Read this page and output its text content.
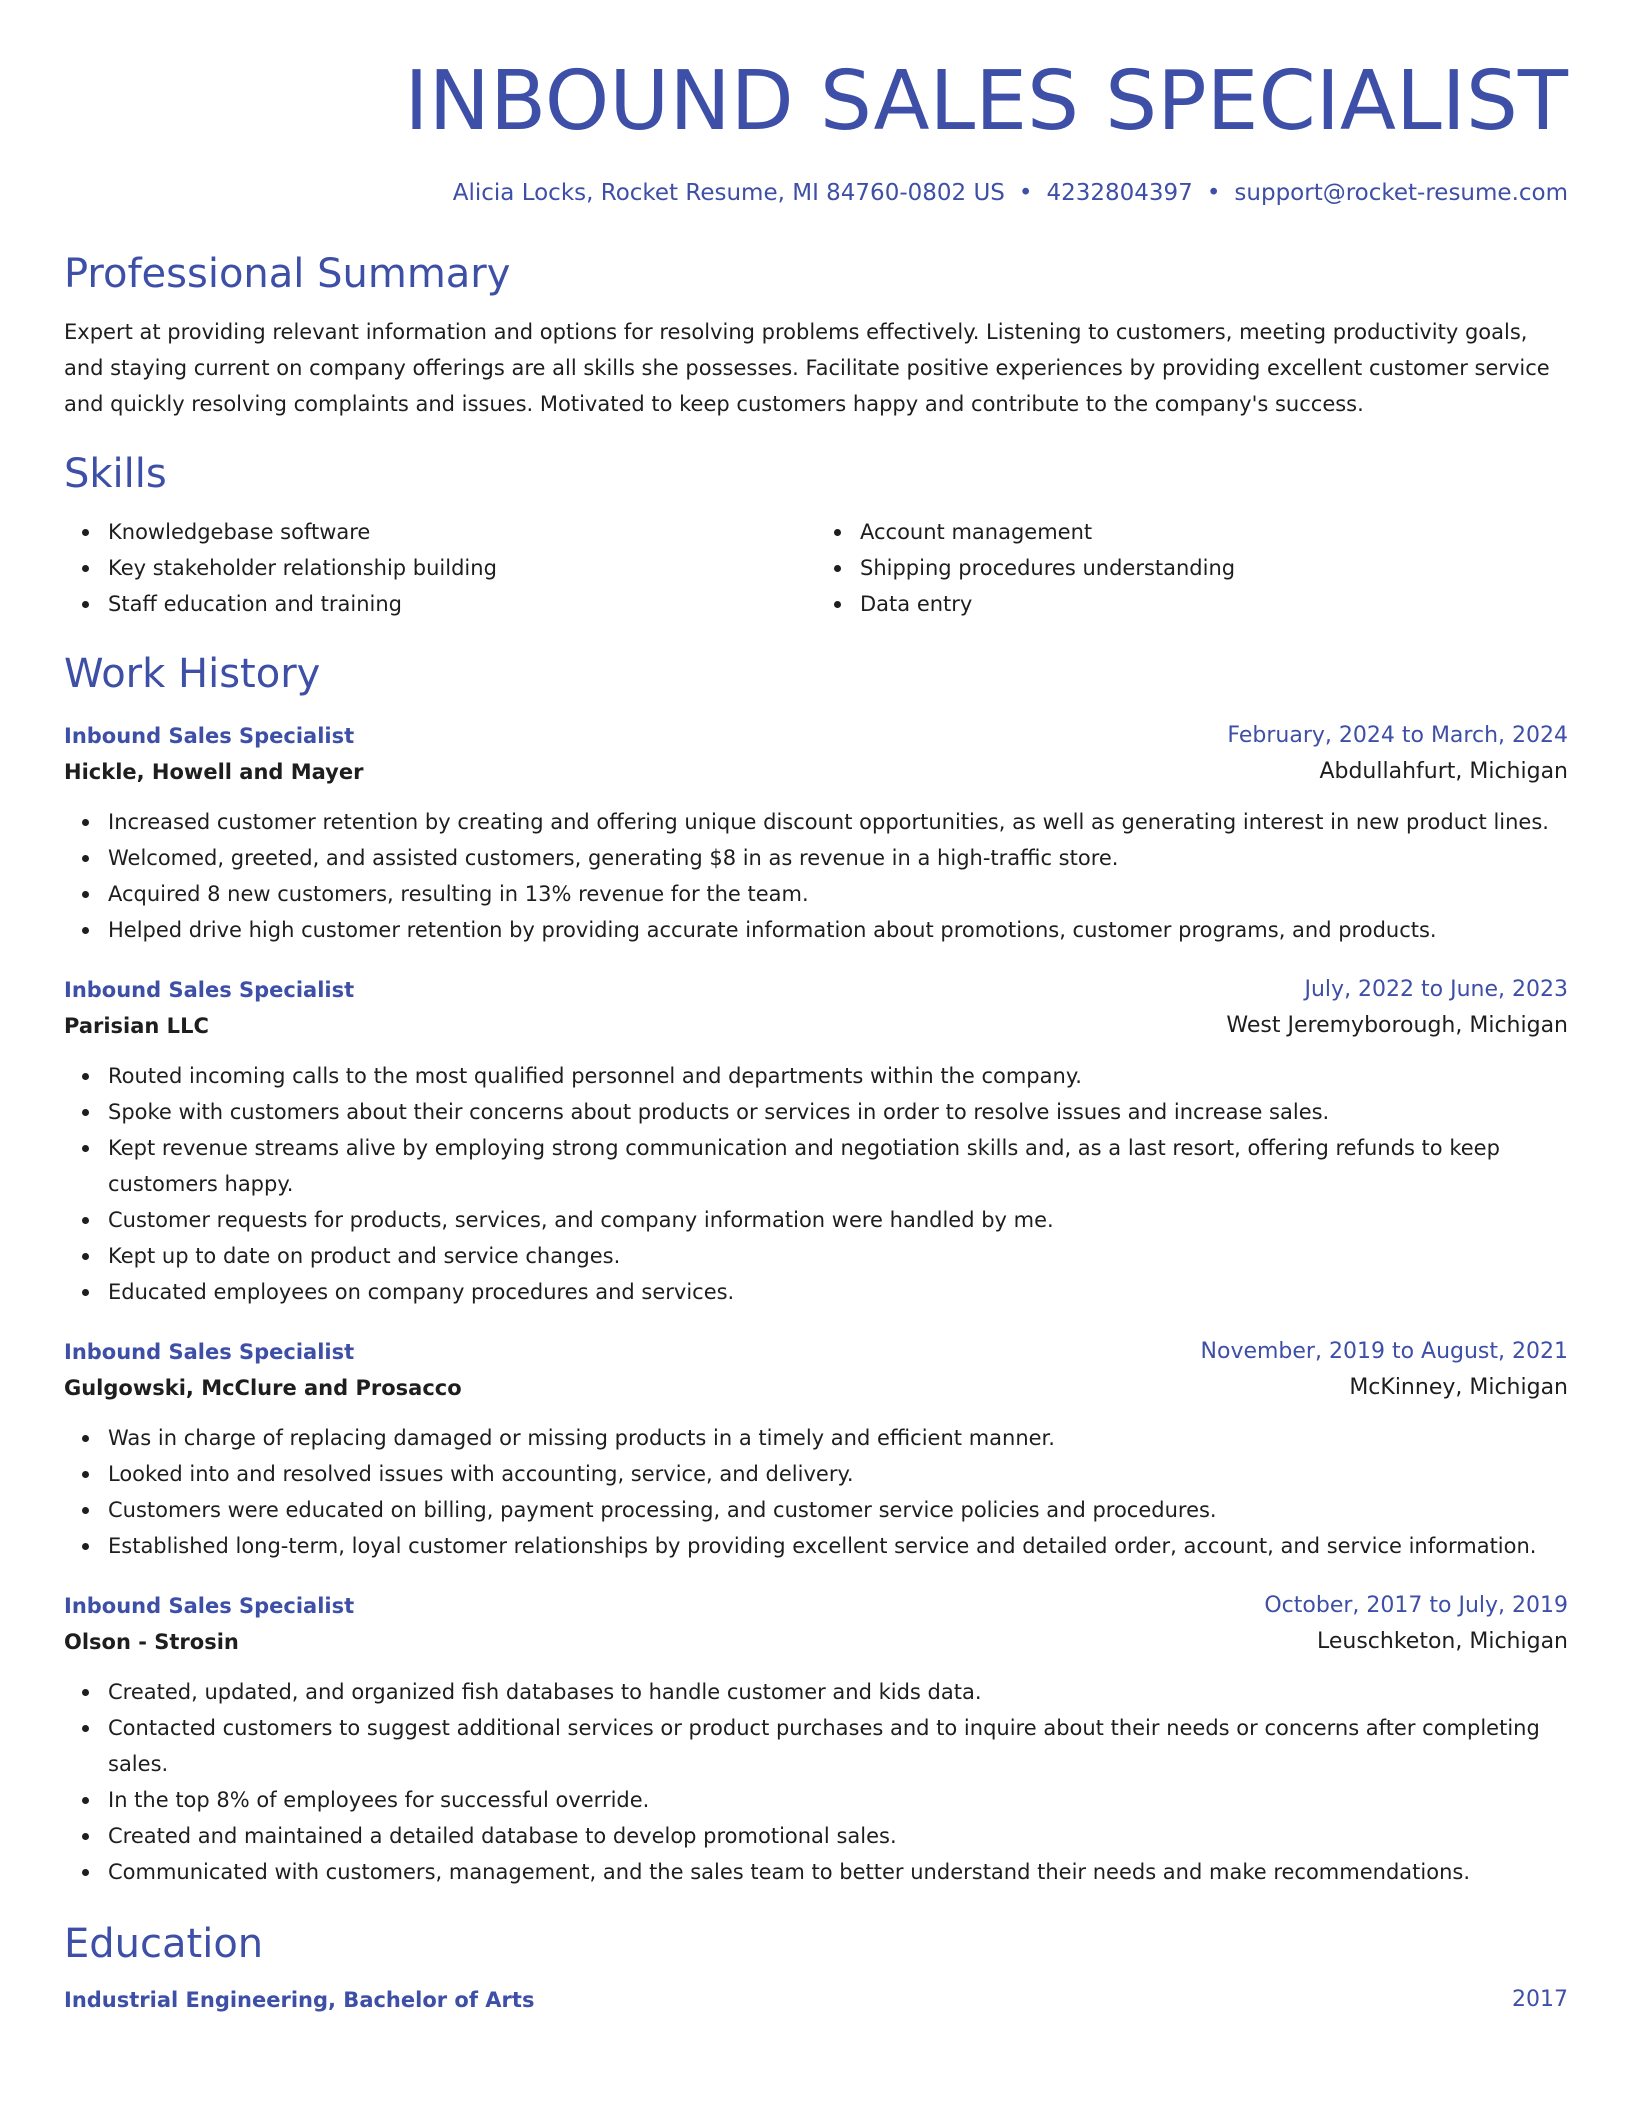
INBOUND SALES SPECIALIST
Alicia Locks, Rocket Resume, MI 84760-0802 US • 4232804397 • support@rocket-resume.com
Professional Summary
Expert at providing relevant information and options for resolving problems effectively. Listening to customers, meeting productivity goals, and staying current on company offerings are all skills she possesses. Facilitate positive experiences by providing excellent customer service and quickly resolving complaints and issues. Motivated to keep customers happy and contribute to the company's success.
Skills
Knowledgebase software
Key stakeholder relationship building
Staff education and training
Account management
Shipping procedures understanding
Data entry
Work History
Inbound Sales Specialist	February, 2024 to March, 2024
Hickle, Howell and Mayer	Abdullahfurt, Michigan
Increased customer retention by creating and offering unique discount opportunities, as well as generating interest in new product lines.
Welcomed, greeted, and assisted customers, generating $8 in as revenue in a high-traffic store.
Acquired 8 new customers, resulting in 13% revenue for the team.
Helped drive high customer retention by providing accurate information about promotions, customer programs, and products.
Inbound Sales Specialist	July, 2022 to June, 2023
Parisian LLC	West Jeremyborough, Michigan
Routed incoming calls to the most qualified personnel and departments within the company.
Spoke with customers about their concerns about products or services in order to resolve issues and increase sales.
Kept revenue streams alive by employing strong communication and negotiation skills and, as a last resort, offering refunds to keep customers happy.
Customer requests for products, services, and company information were handled by me.
Kept up to date on product and service changes.
Educated employees on company procedures and services.
Inbound Sales Specialist	November, 2019 to August, 2021
Gulgowski, McClure and Prosacco	McKinney, Michigan
Was in charge of replacing damaged or missing products in a timely and efficient manner.
Looked into and resolved issues with accounting, service, and delivery.
Customers were educated on billing, payment processing, and customer service policies and procedures.
Established long-term, loyal customer relationships by providing excellent service and detailed order, account, and service information.
Inbound Sales Specialist	October, 2017 to July, 2019
Olson - Strosin	Leuschketon, Michigan
Created, updated, and organized fish databases to handle customer and kids data.
Contacted customers to suggest additional services or product purchases and to inquire about their needs or concerns after completing sales.
In the top 8% of employees for successful override.
Created and maintained a detailed database to develop promotional sales.
Communicated with customers, management, and the sales team to better understand their needs and make recommendations.
Education
Industrial Engineering, Bachelor of Arts	2017
